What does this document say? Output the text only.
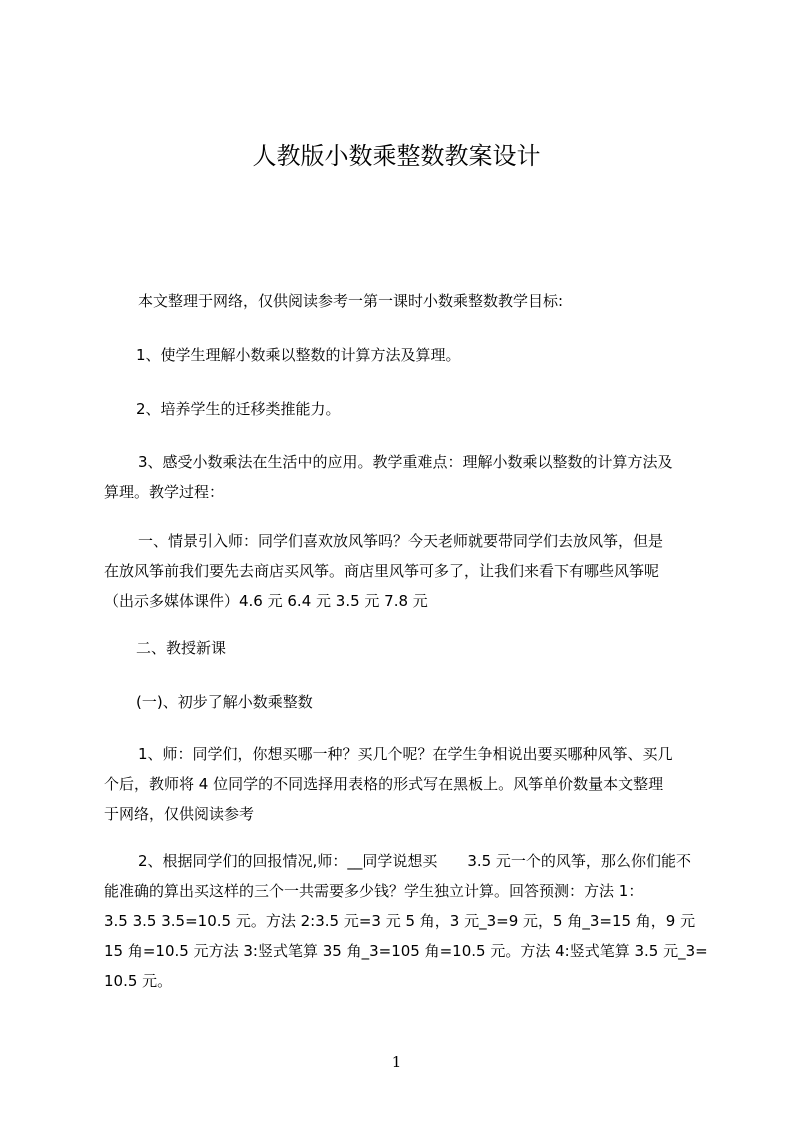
人教版小数乘整数教案设计
本文整理于网络，仅供阅读参考一第一课时小数乘整数教学目标:
1、使学生理解小数乘以整数的计算方法及算理。
2、培养学生的迁移类推能力。
3、感受小数乘法在生活中的应用。教学重难点：理解小数乘以整数的计算方法及
算理。教学过程：
一、情景引入师：同学们喜欢放风筝吗？今天老师就要带同学们去放风筝，但是
在放风筝前我们要先去商店买风筝。商店里风筝可多了，让我们来看下有哪些风筝呢
（出示多媒体课件）4.6 元 6.4 元 3.5 元 7.8 元
二、教授新课
(一)、初步了解小数乘整数
1、师：同学们，你想买哪一种？买几个呢？在学生争相说出要买哪种风筝、买几
个后，教师将 4 位同学的不同选择用表格的形式写在黑板上。风筝单价数量本文整理
于网络，仅供阅读参考
2、根据同学们的回报情况,师：__同学说想买　　3.5 元一个的风筝，那么你们能不
能准确的算出买这样的三个一共需要多少钱？学生独立计算。回答预测：方法 1：
3.5 3.5 3.5=10.5 元。方法 2:3.5 元=3 元 5 角，3 元_3=9 元，5 角_3=15 角，9 元
15 角=10.5 元方法 3:竖式笔算 35 角_3=105 角=10.5 元。方法 4:竖式笔算 3.5 元_3=
10.5 元。
1
